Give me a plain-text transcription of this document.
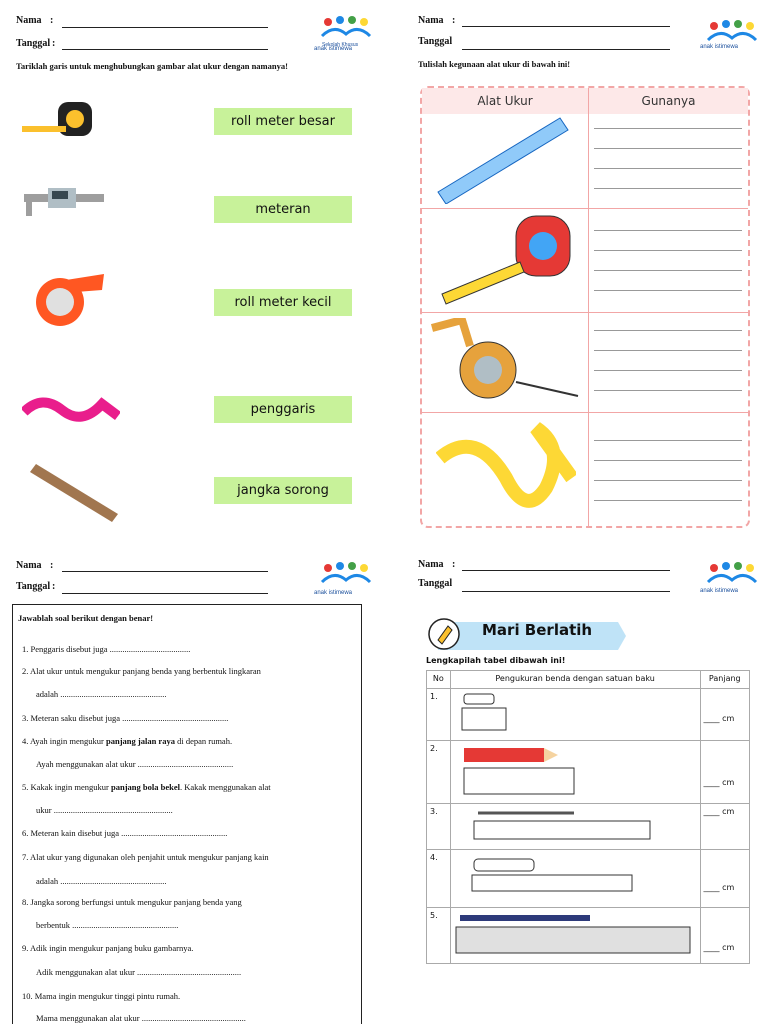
Nama :
Tanggal :	Sekolah Khusus
anak istimewa
Tariklah garis untuk menghubungkan gambar alat ukur dengan namanya!
roll meter besar
meteran
roll meter kecil
penggaris
jangka sorong
Nama :
Tanggal	anak istimewa
Tulislah kegunaan alat ukur di bawah ini!
Alat Ukur	Gunanya
Nama :
Tanggal :
anak istimewa
Jawablah soal berikut dengan benar!
1. Penggaris disebut juga ......................................
2. Alat ukur untuk mengukur panjang benda yang berbentuk lingkaran
adalah ..................................................
3. Meteran saku disebut juga ..................................................
4. Ayah ingin mengukur panjang jalan raya di depan rumah.
Ayah menggunakan alat ukur .............................................
5. Kakak ingin mengukur panjang bola bekel. Kakak menggunakan alat
ukur ........................................................
6. Meteran kain disebut juga ..................................................
7. Alat ukur yang digunakan oleh penjahit untuk mengukur panjang kain
adalah ..................................................
8. Jangka sorong berfungsi untuk mengukur panjang benda yang
berbentuk ..................................................
9. Adik ingin mengukur panjang buku gambarnya.
Adik menggunakan alat ukur .................................................
10. Mama ingin mengukur tinggi pintu rumah.
Mama menggunakan alat ukur .................................................
Nama :
Tanggal
anak istimewa
Mari Berlatih
Lengkapilah tabel dibawah ini!
No	Pengukuran benda dengan satuan baku	Panjang
1.		____ cm

2.		____ cm

3.		____ cm

4.		____ cm

5.		____ cm
